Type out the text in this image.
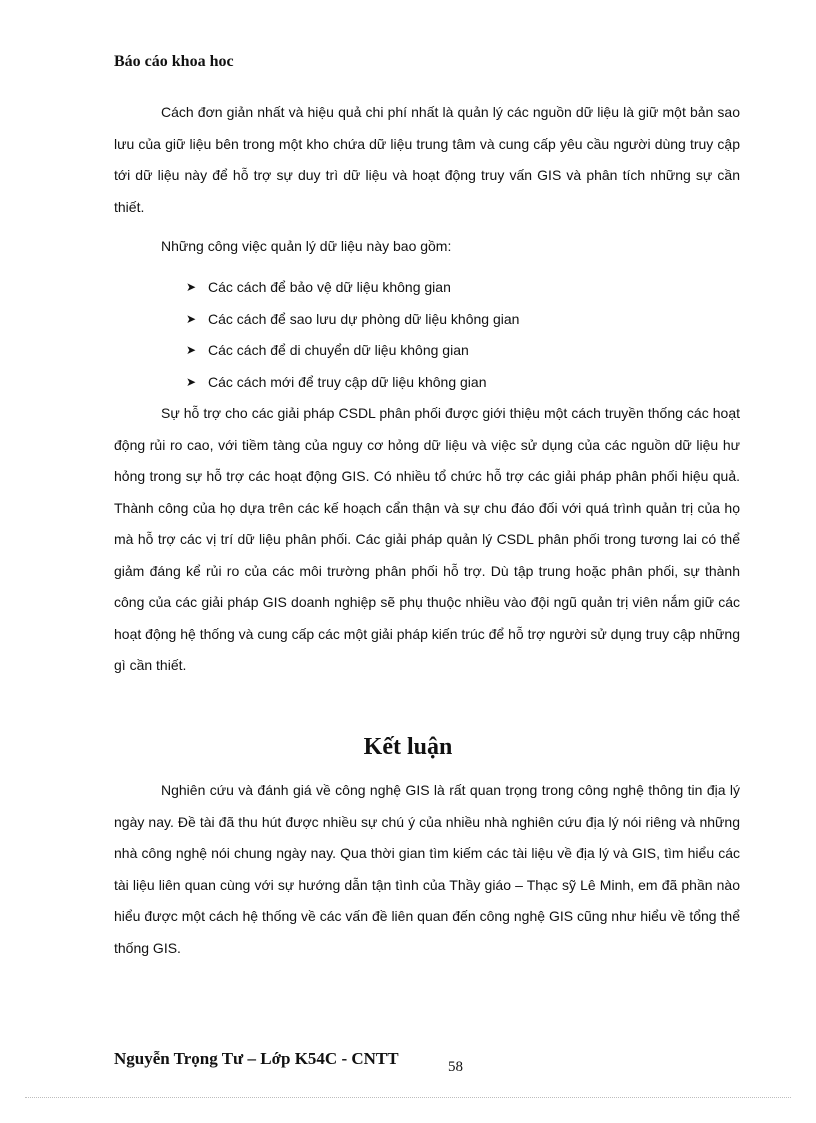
Báo cáo khoa hoc

Cách đơn giản nhất và hiệu quả chi phí nhất là quản lý các nguồn dữ liệu là giữ một bản sao lưu của giữ liệu bên trong một kho chứa dữ liệu trung tâm và cung cấp yêu cầu người dùng truy cập tới dữ liệu này để hỗ trợ sự duy trì dữ liệu và hoạt động truy vấn GIS và phân tích những sự cần thiết.

Những công việc quản lý dữ liệu này bao gồm:

➤ Các cách để bảo vệ dữ liệu không gian
➤ Các cách để sao lưu dự phòng dữ liệu không gian
➤ Các cách để di chuyển dữ liệu không gian
➤ Các cách mới để truy cập dữ liệu không gian

Sự hỗ trợ cho các giải pháp CSDL phân phối được giới thiệu một cách truyền thống các hoạt động rủi ro cao, với tiềm tàng của nguy cơ hỏng dữ liệu và việc sử dụng của các nguồn dữ liệu hư hỏng trong sự hỗ trợ các hoạt động GIS. Có nhiều tổ chức hỗ trợ các giải pháp phân phối hiệu quả. Thành công của họ dựa trên các kế hoạch cẩn thận và sự chu đáo đối với quá trình quản trị của họ mà hỗ trợ các vị trí dữ liệu phân phối. Các giải pháp quản lý CSDL phân phối trong tương lai có thể giảm đáng kể rủi ro của các môi trường phân phối hỗ trợ. Dù tập trung hoặc phân phối, sự thành công của các giải pháp GIS doanh nghiệp sẽ phụ thuộc nhiều vào đội ngũ quản trị viên nắm giữ các hoạt động hệ thống và cung cấp các một giải pháp kiến trúc để hỗ trợ người sử dụng truy cập những gì cần thiết.

Kết luận

Nghiên cứu và đánh giá về công nghệ GIS là rất quan trọng trong công nghệ thông tin địa lý ngày nay. Đề tài đã thu hút được nhiều sự chú ý của nhiều nhà nghiên cứu địa lý nói riêng và những nhà công nghệ nói chung ngày nay. Qua thời gian tìm kiếm các tài liệu về địa lý và GIS, tìm hiểu các tài liệu liên quan cùng với sự hướng dẫn tận tình của Thầy giáo – Thạc sỹ Lê Minh, em đã phần nào hiểu được một cách hệ thống về các vấn đề liên quan đến công nghệ GIS cũng như hiểu về tổng thể thống GIS.

Nguyễn Trọng Tư – Lớp K54C - CNTT	58
